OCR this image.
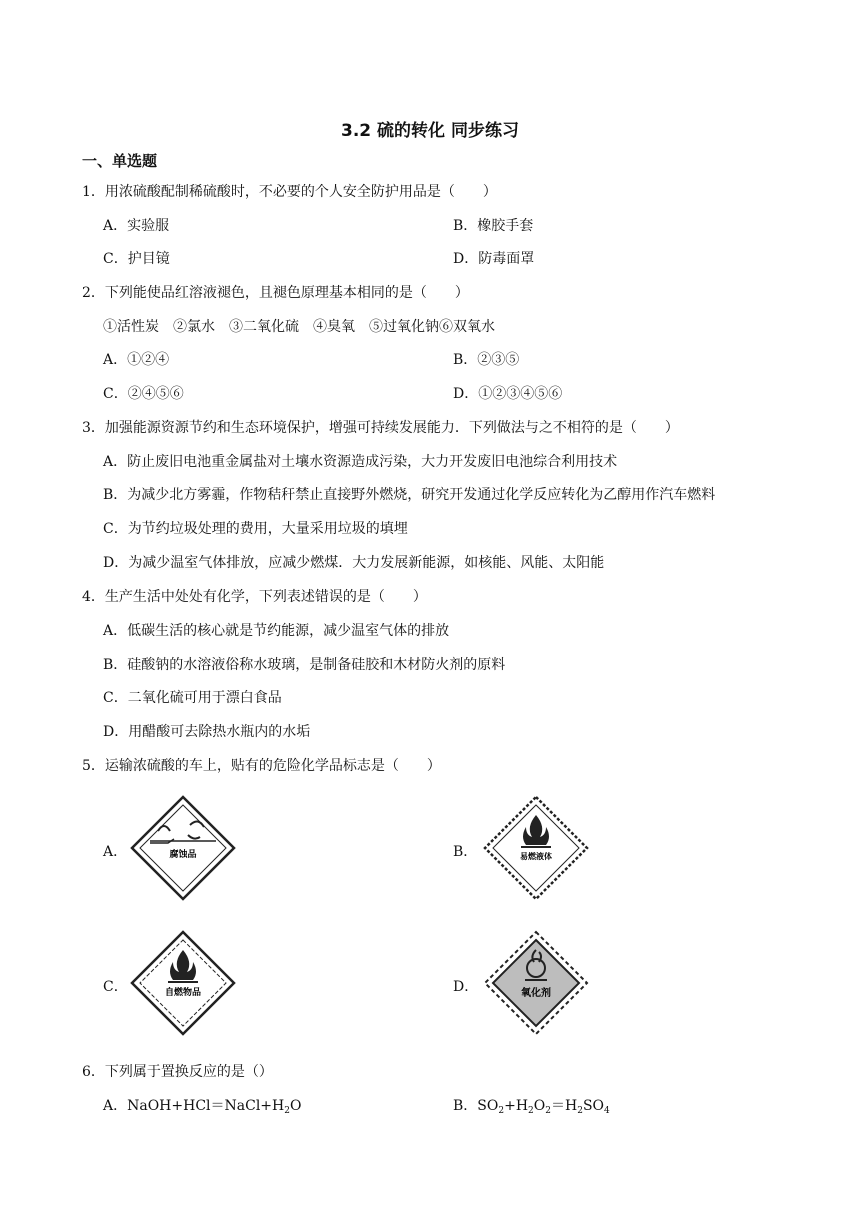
3.2 硫的转化 同步练习
一、单选题
1．用浓硫酸配制稀硫酸时，不必要的个人安全防护用品是（　　）
A．实验服	B．橡胶手套
C．护目镜	D．防毒面罩
2．下列能使品红溶液褪色，且褪色原理基本相同的是（　　）
①活性炭　②氯水　③二氧化硫　④臭氧　⑤过氧化钠⑥双氧水
A．①②④	B．②③⑤
C．②④⑤⑥	D．①②③④⑤⑥
3．加强能源资源节约和生态环境保护，增强可持续发展能力．下列做法与之不相符的是（　　）
A．防止废旧电池重金属盐对土壤水资源造成污染，大力开发废旧电池综合利用技术
B．为减少北方雾霾，作物秸秆禁止直接野外燃烧，研究开发通过化学反应转化为乙醇用作汽车燃料
C．为节约垃圾处理的费用，大量采用垃圾的填埋
D．为减少温室气体排放，应减少燃煤．大力发展新能源，如核能、风能、太阳能
4．生产生活中处处有化学，下列表述错误的是（　　）
A．低碳生活的核心就是节约能源，减少温室气体的排放
B．硅酸钠的水溶液俗称水玻璃，是制备硅胶和木材防火剂的原料
C．二氧化硫可用于漂白食品
D．用醋酸可去除热水瓶内的水垢
5．运输浓硫酸的车上，贴有的危险化学品标志是（　　）
A．	腐蚀品	B．	易燃液体
C．	自燃物品	D．	氧化剂
6．下列属于置换反应的是（）
A．$NaOH+HCl=NaCl+H_2O$	B．$SO_2+H_2O_2=H_2SO_4$
